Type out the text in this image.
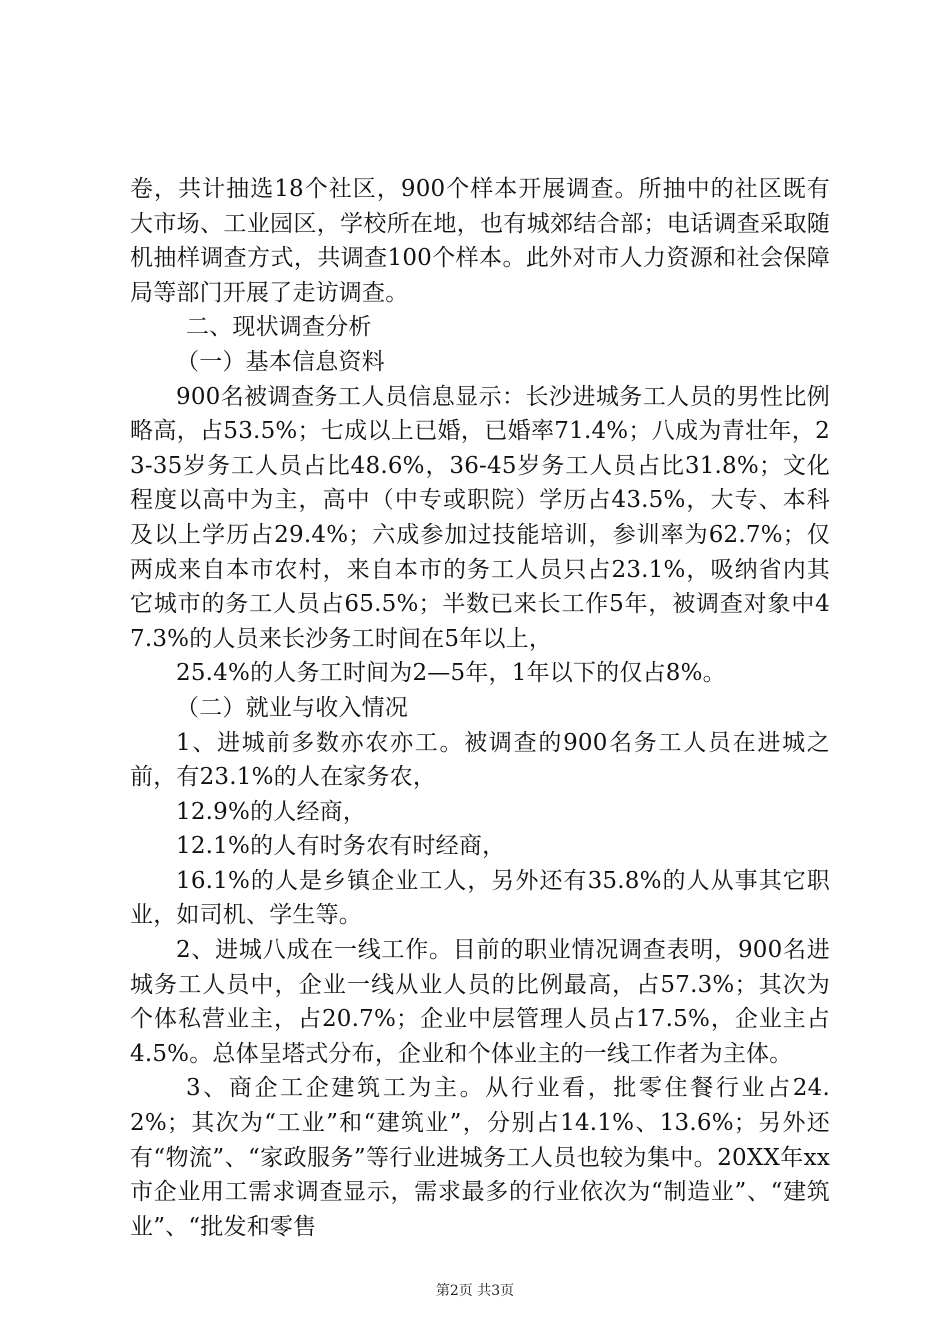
卷，共计抽选18个社区，900个样本开展调查。所抽中的社区既有大市场、工业园区，学校所在地，也有城郊结合部；电话调查采取随机抽样调查方式，共调查100个样本。此外对市人力资源和社会保障局等部门开展了走访调查。

二、现状调查分析

（一）基本信息资料

900名被调查务工人员信息显示：长沙进城务工人员的男性比例略高，占53.5%；七成以上已婚，已婚率71.4%；八成为青壮年，23-35岁务工人员占比48.6%，36-45岁务工人员占比31.8%；文化程度以高中为主，高中（中专或职院）学历占43.5%，大专、本科及以上学历占29.4%；六成参加过技能培训，参训率为62.7%；仅两成来自本市农村，来自本市的务工人员只占23.1%，吸纳省内其它城市的务工人员占65.5%；半数已来长工作5年，被调查对象中47.3%的人员来长沙务工时间在5年以上，

25.4%的人务工时间为2—5年，1年以下的仅占8%。

（二）就业与收入情况

1、进城前多数亦农亦工。被调查的900名务工人员在进城之前，有23.1%的人在家务农，

12.9%的人经商，

12.1%的人有时务农有时经商，

16.1%的人是乡镇企业工人，另外还有35.8%的人从事其它职业，如司机、学生等。

2、进城八成在一线工作。目前的职业情况调查表明，900名进城务工人员中，企业一线从业人员的比例最高，占57.3%；其次为个体私营业主，占20.7%；企业中层管理人员占17.5%，企业主占4.5%。总体呈塔式分布，企业和个体业主的一线工作者为主体。

3、商企工企建筑工为主。从行业看，批零住餐行业占24.2%；其次为“工业”和“建筑业”，分别占14.1%、13.6%；另外还有“物流”、“家政服务”等行业进城务工人员也较为集中。20XX年xx市企业用工需求调查显示，需求最多的行业依次为“制造业”、“建筑业”、“批发和零售

第2页 共3页
